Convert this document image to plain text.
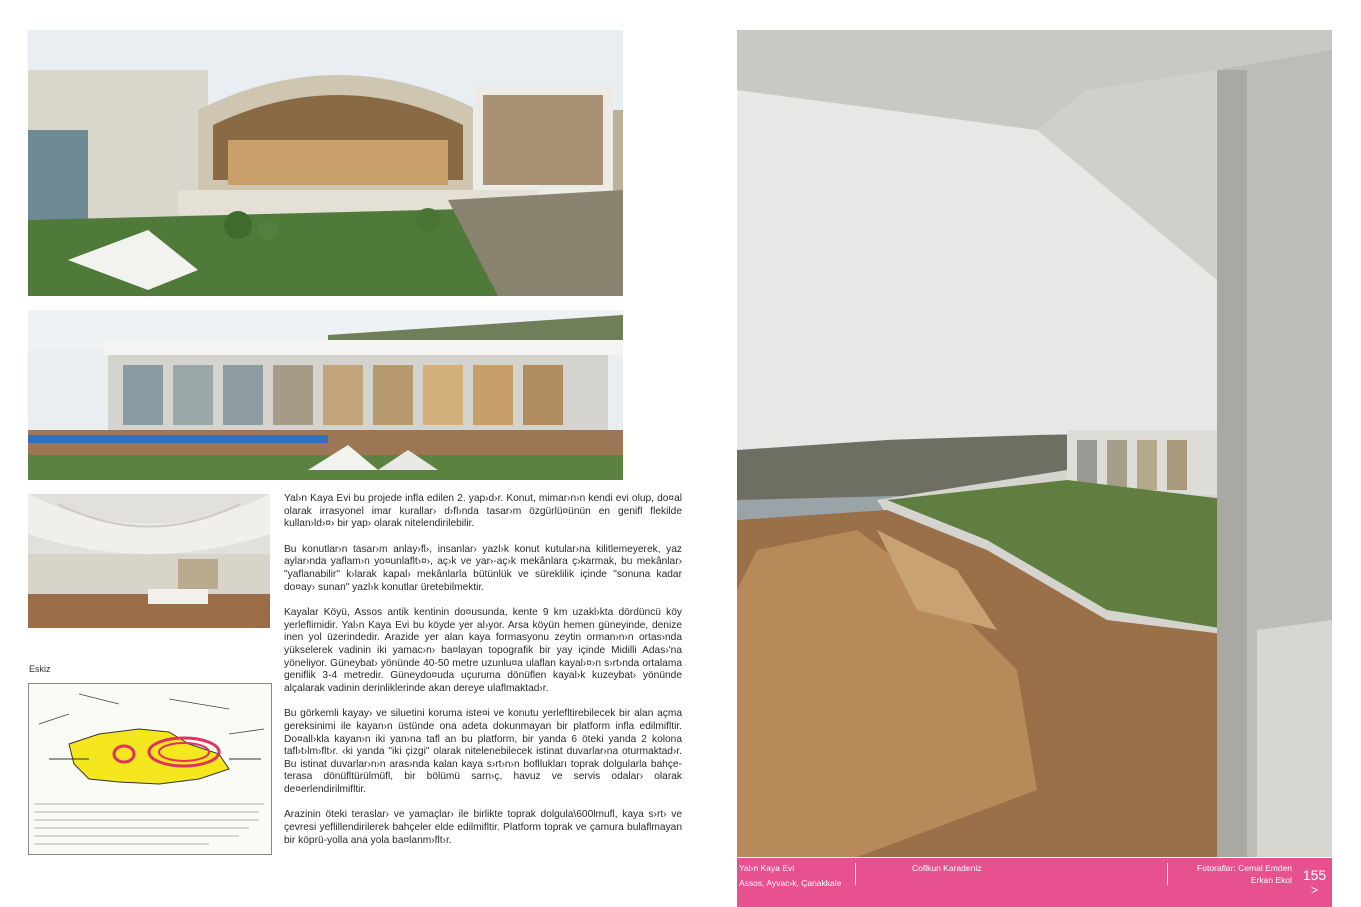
Eskiz

Yal›n Kaya Evi bu projede infla edilen 2. yap›d›r. Konut, mimar›n›n kendi evi olup, do¤al olarak irrasyonel imar kurallar› d›fl›nda tasar›m özgürlü¤ünün en genifl flekilde kullan›ld›¤› bir yap› olarak nitelendirilebilir.

Bu konutlar›n tasar›m anlay›fl›, insanlar› yazl›k konut kutular›na kilitlemeyerek, yaz aylar›nda yaflam›n yo¤unlaflt›¤›, aç›k ve yar›-aç›k mekânlara ç›karmak, bu mekânlar› "yaflanabilir" k›larak kapal› mekânlarla bütünlük ve süreklilik içinde "sonuna kadar do¤ay› sunan" yazl›k konutlar üretebilmektir.

Kayalar Köyü, Assos antik kentinin do¤usunda, kente 9 km uzakl›kta dördüncü köy yerleflimidir. Yal›n Kaya Evi bu köyde yer al›yor. Arsa köyün hemen güneyinde, denize inen yol üzerindedir. Arazide yer alan kaya formasyonu zeytin orman›n›n ortas›nda yükselerek vadinin iki yamac›n› ba¤layan topografik bir yay içinde Midilli Adas›'na yöneliyor. Güneybat› yönünde 40-50 metre uzunlu¤a ulaflan kayal›¤›n s›rt›nda ortalama geniflik 3-4 metredir. Güneydo¤uda uçuruma dönüflen kayal›k kuzeybat› yönünde alçalarak vadinin derinliklerinde akan dereye ulaflmaktad›r.

Bu görkemli kayay› ve siluetini koruma iste¤i ve konutu yerlefltirebilecek bir alan açma gereksinimi ile kayan›n üstünde ona adeta dokunmayan bir platform infla edilmifltir. Do¤all›kla kayan›n iki yan›na tafl an bu platform, bir yanda 6 öteki yanda 2 kolona tafl›t›lm›flt›r. ‹ki yanda "iki çizgi" olarak nitelenebilecek istinat duvarlar›na oturmaktad›r. Bu istinat duvarlar›n›n aras›nda kalan kaya s›rt›n›n bofllukları toprak dolgularla bahçe-terasa dönüfltürülmüfl, bir bölümü sarn›ç, havuz ve servis odalar› olarak de¤erlendirilmifltir.

Arazinin öteki teraslar› ve yamaçlar› ile birlikte toprak dolgula\600lmufl, kaya s›rt› ve çevresi yeflillendirilerek bahçeler elde edilmifltir. Platform toprak ve çamura bulaflmayan bir köprü-yolla ana yola ba¤lanm›flt›r.

Yal›n Kaya Evi
Assos, Ayvac›k, Çanakkale
Coflkun Karadeniz	Fotoraflar: Cemal Emden
Erkan Ekol 155
>
